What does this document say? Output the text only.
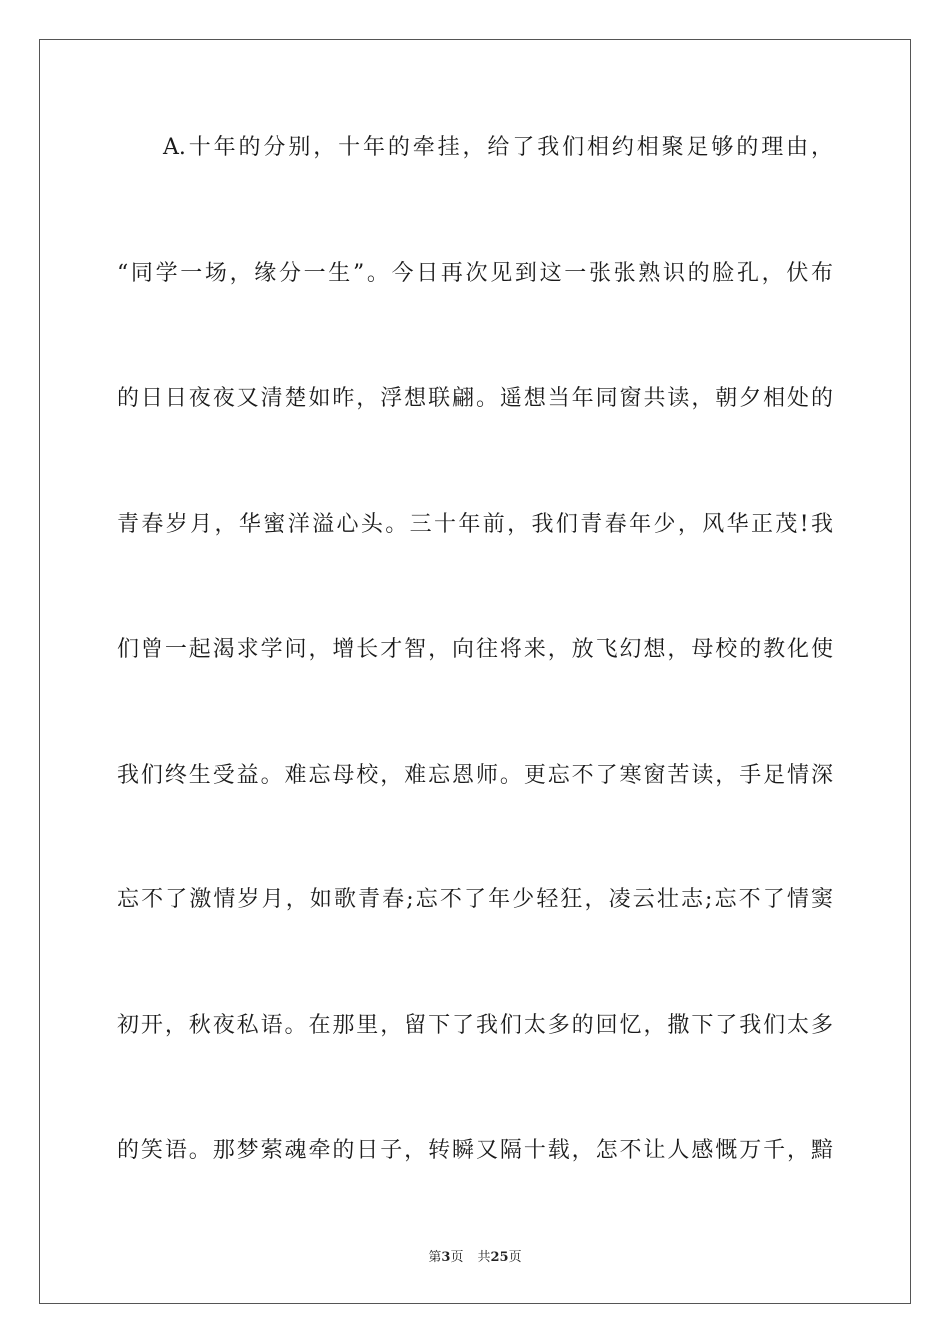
A.十年的分别，十年的牵挂，给了我们相约相聚足够的理由，
“同学一场，缘分一生”。今日再次见到这一张张熟识的脸孔，伏布
的日日夜夜又清楚如昨，浮想联翩。遥想当年同窗共读，朝夕相处的
青春岁月，华蜜洋溢心头。三十年前，我们青春年少，风华正茂!我
们曾一起渴求学问，增长才智，向往将来，放飞幻想，母校的教化使
我们终生受益。难忘母校，难忘恩师。更忘不了寒窗苦读，手足情深
忘不了激情岁月，如歌青春;忘不了年少轻狂，凌云壮志;忘不了情窦
初开，秋夜私语。在那里，留下了我们太多的回忆，撒下了我们太多
的笑语。那梦萦魂牵的日子，转瞬又隔十载，怎不让人感慨万千，黯
第3页 共25页
